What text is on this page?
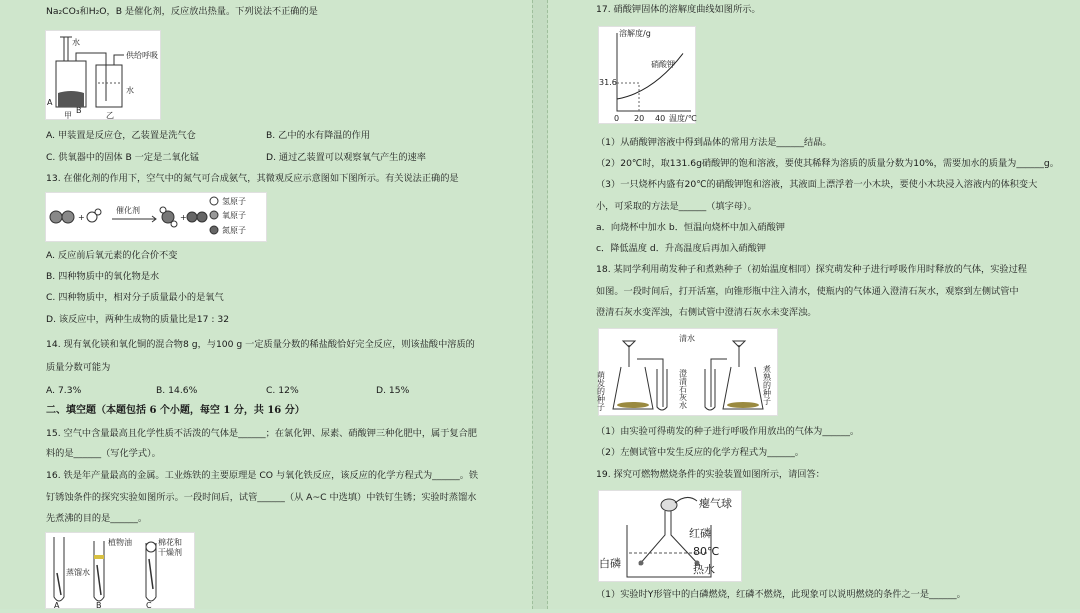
Na₂CO₃和H₂O，B 是催化剂，反应放出热量。下列说法不正确的是
水
供给呼吸
水
A
B
甲	乙
A. 甲装置是反应仓，乙装置是洗气仓	B. 乙中的水有降温的作用
C. 供氧器中的固体 B 一定是二氧化锰	D. 通过乙装置可以观察氧气产生的速率
13. 在催化剂的作用下，空气中的氮气可合成氨气，其微观反应示意图如下图所示。有关说法正确的是
+
催化剂
+
氢原子
氧原子
氮原子
A. 反应前后氧元素的化合价不变
B. 四种物质中的氧化物是水
C. 四种物质中，相对分子质量最小的是氧气
D. 该反应中，两种生成物的质量比是17 : 32
14. 现有氧化镁和氧化铜的混合物8 g，与100 g 一定质量分数的稀盐酸恰好完全反应，则该盐酸中溶质的
质量分数可能为
A. 7.3%	B. 14.6%	C. 12%	D. 15%
二、填空题（本题包括 6 个小题，每空 1 分，共 16 分）
15. 空气中含量最高且化学性质不活泼的气体是______；在氯化钾、尿素、硝酸钾三种化肥中，属于复合肥
料的是______（写化学式）。
16. 铁是年产量最高的金属。工业炼铁的主要原理是 CO 与氧化铁反应，该反应的化学方程式为______。铁
钉锈蚀条件的探究实验如图所示。一段时间后，试管______（从 A~C 中选填）中铁钉生锈；实验时蒸馏水
先煮沸的目的是______。
蒸馏水
植物油	棉花和
干燥剂
A	B	C
17. 硝酸钾固体的溶解度曲线如图所示。
溶解度/g
31.6
硝酸钾
0 20 40 温度/℃
（1）从硝酸钾溶液中得到晶体的常用方法是______结晶。
（2）20℃时，取131.6g硝酸钾的饱和溶液，要使其稀释为溶质的质量分数为10%，需要加水的质量为______g。
（3）一只烧杯内盛有20℃的硝酸钾饱和溶液，其液面上漂浮着一小木块，要使小木块浸入溶液内的体积变大
小，可采取的方法是______（填字母）。
a．向烧杯中加水 b．恒温向烧杯中加入硝酸钾
c．降低温度 d．升高温度后再加入硝酸钾
18. 某同学利用萌发种子和煮熟种子（初始温度相同）探究萌发种子进行呼吸作用时释放的气体，实验过程
如图。一段时间后，打开活塞，向锥形瓶中注入清水，使瓶内的气体通入澄清石灰水，观察到左侧试管中
澄清石灰水变浑浊，右侧试管中澄清石灰水未变浑浊。
清水
萌发的种子	澄清石灰水	煮熟的种子
（1）由实验可得萌发的种子进行呼吸作用放出的气体为______。
（2）左侧试管中发生反应的化学方程式为______。
19. 探究可燃物燃烧条件的实验装置如图所示，请回答：
瘪气球
红磷
80℃
白磷	热水
（1）实验时Y形管中的白磷燃烧，红磷不燃烧，此现象可以说明燃烧的条件之一是______。
